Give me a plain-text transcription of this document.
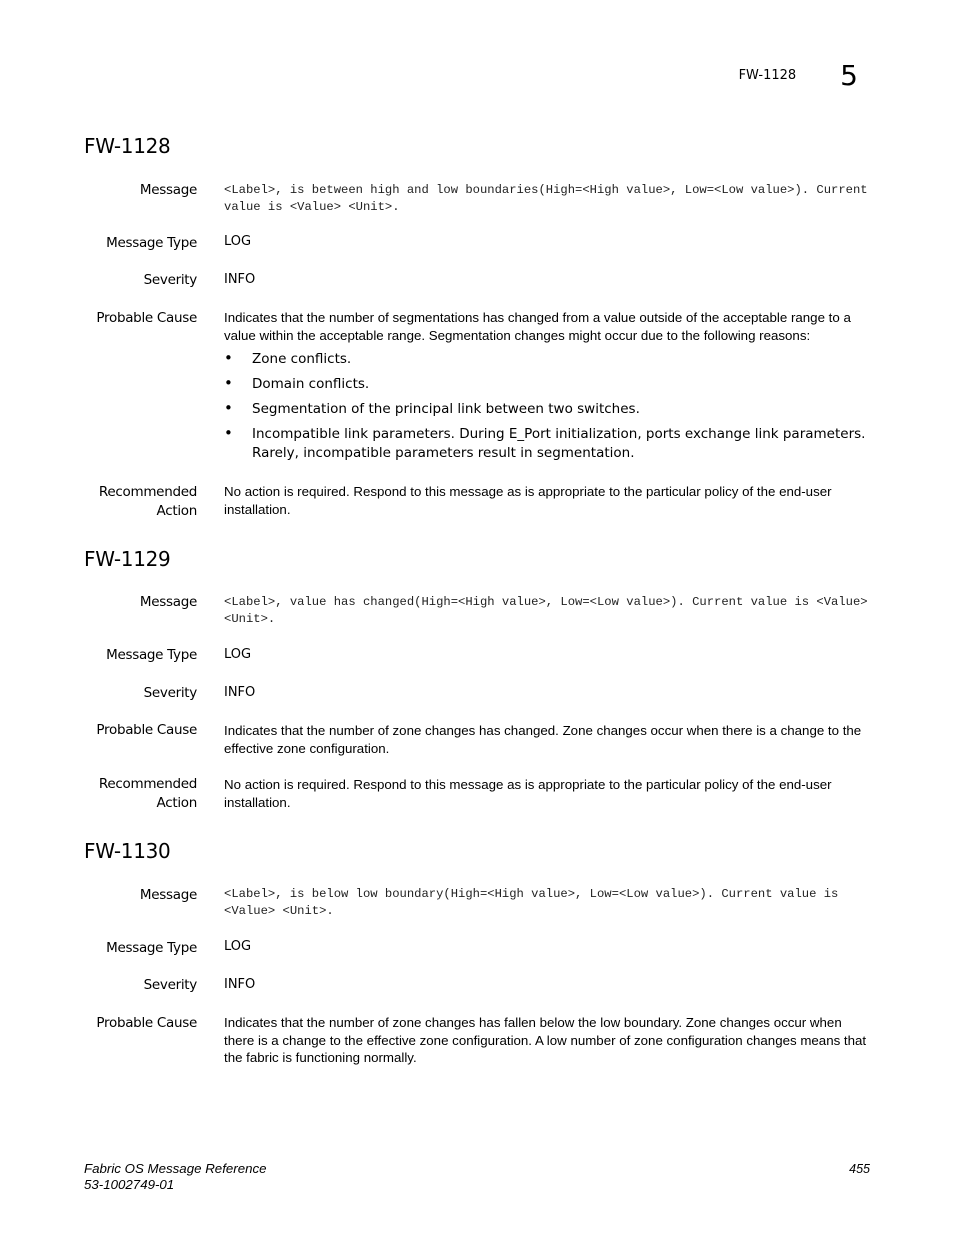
FW-1128 5
FW-1128
Message <Label>, is between high and low boundaries(High=<High value>, Low=<Low value>). Current value is <Value> <Unit>.
Message Type LOG
Severity INFO
Probable Cause Indicates that the number of segmentations has changed from a value outside of the acceptable range to a value within the acceptable range. Segmentation changes might occur due to the following reasons:
• Zone conflicts.
• Domain conflicts.
• Segmentation of the principal link between two switches.
• Incompatible link parameters. During E_Port initialization, ports exchange link parameters. Rarely, incompatible parameters result in segmentation.
Recommended
Action
No action is required. Respond to this message as is appropriate to the particular policy of the end-user installation.
FW-1129
Message <Label>, value has changed(High=<High value>, Low=<Low value>). Current value is <Value> <Unit>.
Message Type LOG
Severity INFO
Probable Cause Indicates that the number of zone changes has changed. Zone changes occur when there is a change to the effective zone configuration.
Recommended
Action
No action is required. Respond to this message as is appropriate to the particular policy of the end-user installation.
FW-1130
Message <Label>, is below low boundary(High=<High value>, Low=<Low value>). Current value is <Value> <Unit>.
Message Type LOG
Severity INFO
Probable Cause Indicates that the number of zone changes has fallen below the low boundary. Zone changes occur when there is a change to the effective zone configuration. A low number of zone configuration changes means that the fabric is functioning normally.
Fabric OS Message Reference
53-1002749-01
455
